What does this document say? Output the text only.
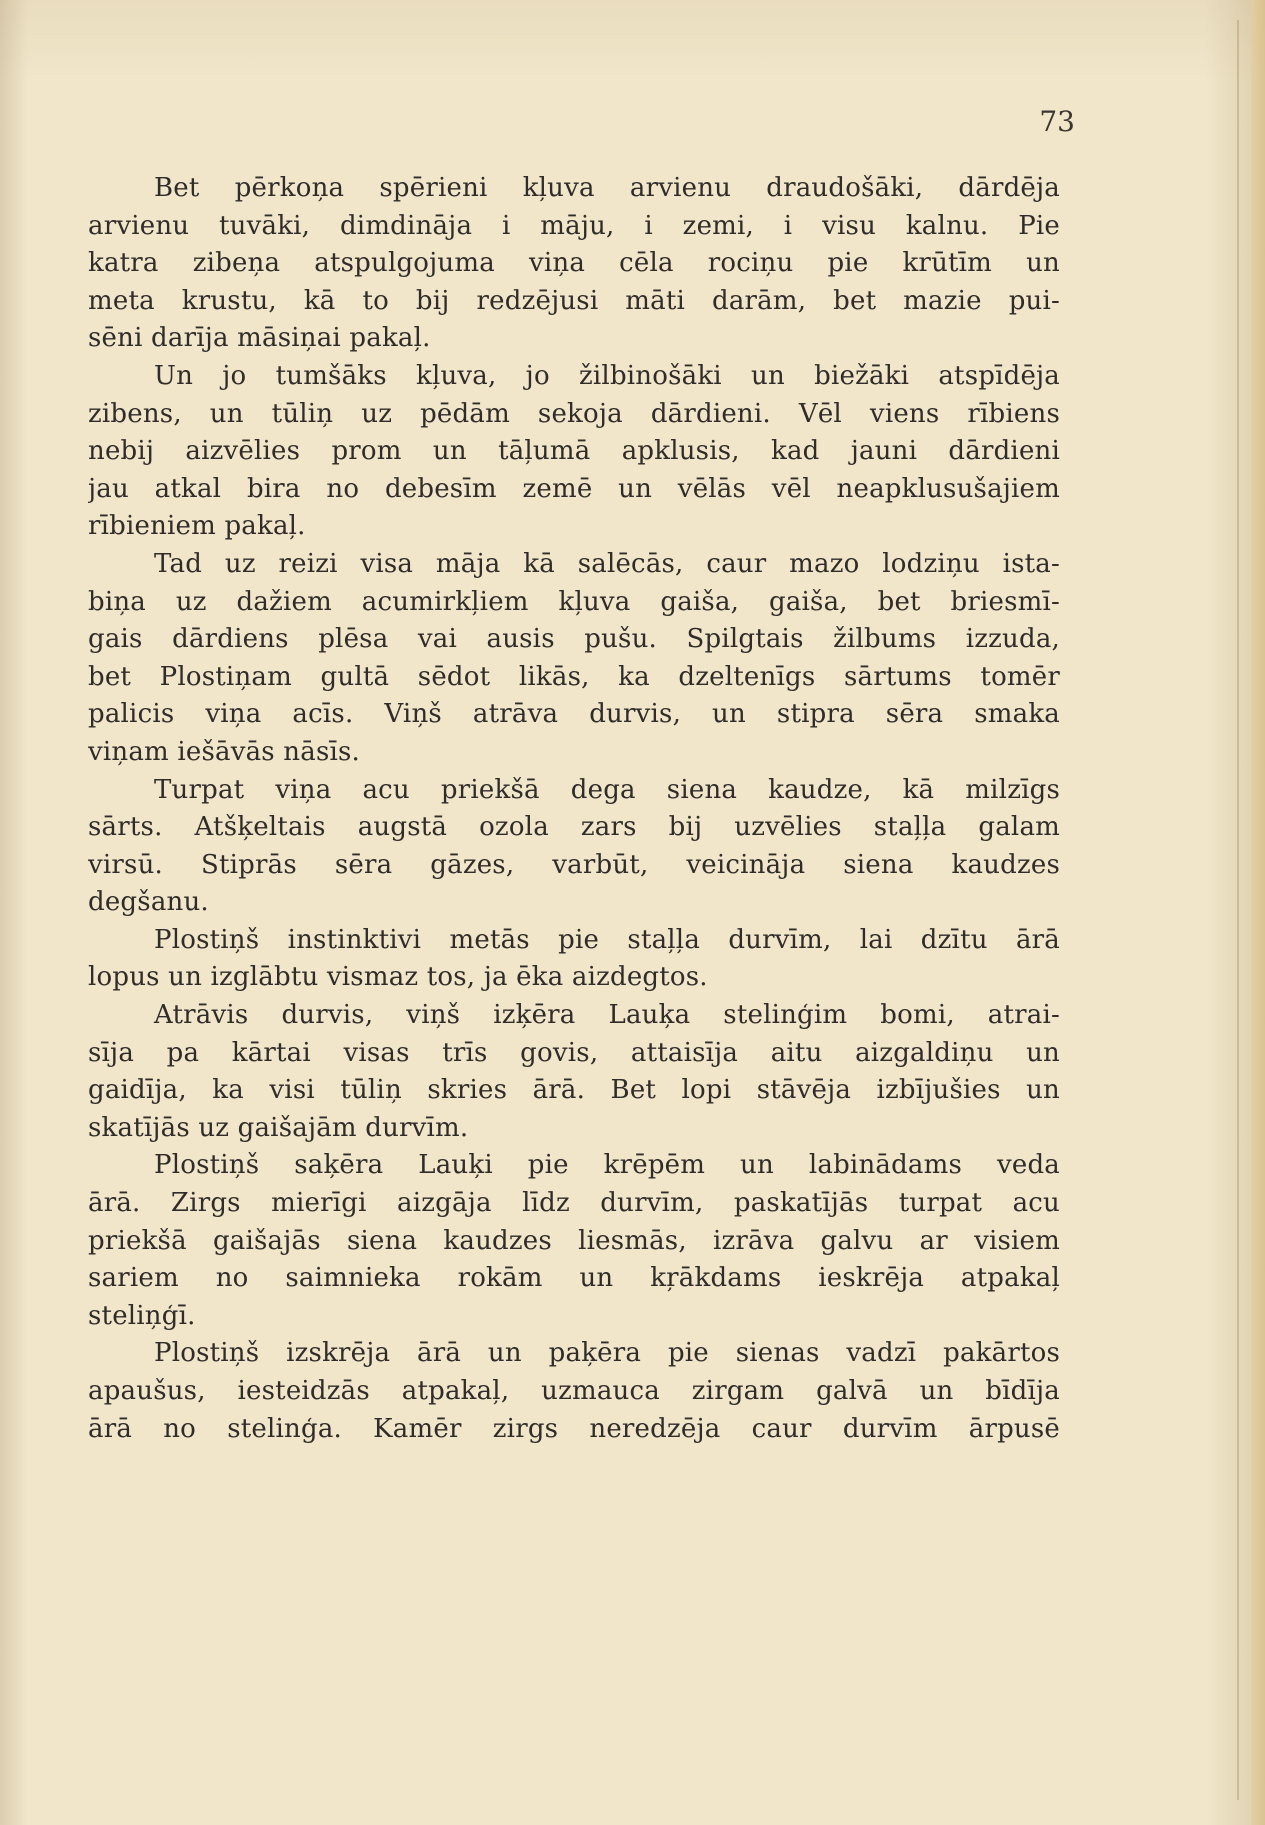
73
Bet pērkoņa spērieni kļuva arvienu draudošāki, dārdēja
arvienu tuvāki, dimdināja i māju, i zemi, i visu kalnu. Pie
katra zibeņa atspulgojuma viņa cēla rociņu pie krūtīm un
meta krustu, kā to bij redzējusi māti darām, bet mazie pui-
sēni darīja māsiņai pakaļ.
Un jo tumšāks kļuva, jo žilbinošāki un biežāki atspīdēja
zibens, un tūliņ uz pēdām sekoja dārdieni. Vēl viens rībiens
nebij aizvēlies prom un tāļumā apklusis, kad jauni dārdieni
jau atkal bira no debesīm zemē un vēlās vēl neapklusušajiem
rībieniem pakaļ.
Tad uz reizi visa māja kā salēcās, caur mazo lodziņu ista-
biņa uz dažiem acumirkļiem kļuva gaiša, gaiša, bet briesmī-
gais dārdiens plēsa vai ausis pušu. Spilgtais žilbums izzuda,
bet Plostiņam gultā sēdot likās, ka dzeltenīgs sārtums tomēr
palicis viņa acīs. Viņš atrāva durvis, un stipra sēra smaka
viņam iešāvās nāsīs.
Turpat viņa acu priekšā dega siena kaudze, kā milzīgs
sārts. Atšķeltais augstā ozola zars bij uzvēlies staļļa galam
virsū. Stiprās sēra gāzes, varbūt, veicināja siena kaudzes
degšanu.
Plostiņš instinktivi metās pie staļļa durvīm, lai dzītu ārā
lopus un izglābtu vismaz tos, ja ēka aizdegtos.
Atrāvis durvis, viņš izķēra Lauķa stelinģim bomi, atrai-
sīja pa kārtai visas trīs govis, attaisīja aitu aizgaldiņu un
gaidīja, ka visi tūliņ skries ārā. Bet lopi stāvēja izbījušies un
skatījās uz gaišajām durvīm.
Plostiņš saķēra Lauķi pie krēpēm un labinādams veda
ārā. Zirgs mierīgi aizgāja līdz durvīm, paskatījās turpat acu
priekšā gaišajās siena kaudzes liesmās, izrāva galvu ar visiem
sariem no saimnieka rokām un kŗākdams ieskrēja atpakaļ
steliņģī.
Plostiņš izskrēja ārā un paķēra pie sienas vadzī pakārtos
apaušus, iesteidzās atpakaļ, uzmauca zirgam galvā un bīdīja
ārā no stelinģa. Kamēr zirgs neredzēja caur durvīm ārpusē
